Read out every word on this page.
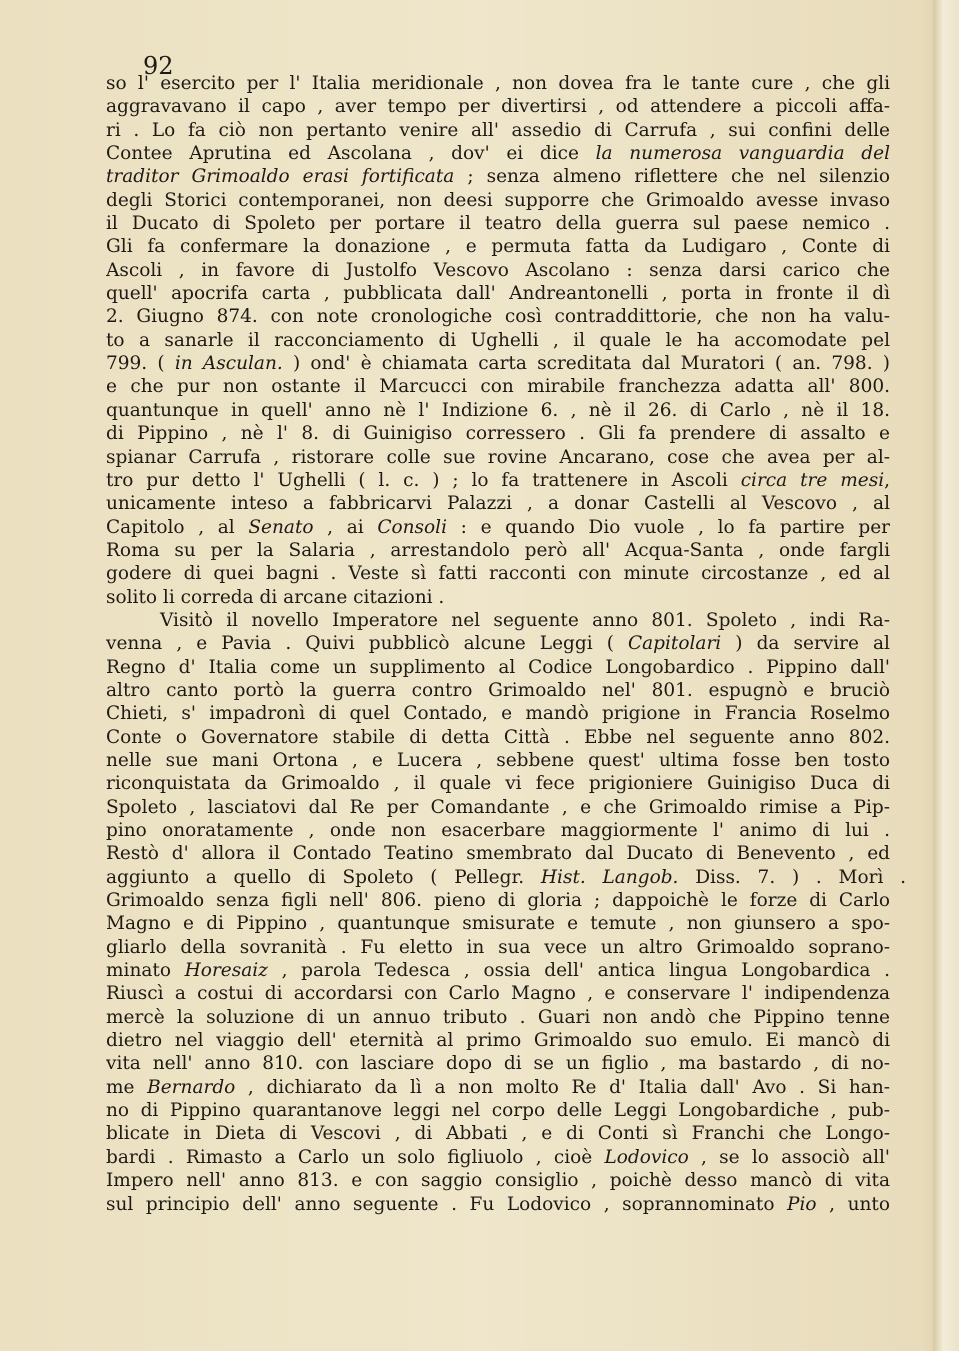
92
so l' esercito per l' Italia meridionale , non dovea fra le tante cure , che gli
aggravavano il capo , aver tempo per divertirsi , od attendere a piccoli affa-
ri . Lo fa ciò non pertanto venire all' assedio di Carrufa , sui confini delle
Contee Aprutina ed Ascolana , dov' ei dice la numerosa vanguardia del
traditor Grimoaldo erasi fortificata ; senza almeno riflettere che nel silenzio
degli Storici contemporanei, non deesi supporre che Grimoaldo avesse invaso
il Ducato di Spoleto per portare il teatro della guerra sul paese nemico .
Gli fa confermare la donazione , e permuta fatta da Ludigaro , Conte di
Ascoli , in favore di Justolfo Vescovo Ascolano : senza darsi carico che
quell' apocrifa carta , pubblicata dall' Andreantonelli , porta in fronte il dì
2. Giugno 874. con note cronologiche così contraddittorie, che non ha valu-
to a sanarle il racconciamento di Ughelli , il quale le ha accomodate pel
799. ( in Asculan. ) ond' è chiamata carta screditata dal Muratori ( an. 798. )
e che pur non ostante il Marcucci con mirabile franchezza adatta all' 800.
quantunque in quell' anno nè l' Indizione 6. , nè il 26. di Carlo , nè il 18.
di Pippino , nè l' 8. di Guinigiso corressero . Gli fa prendere di assalto e
spianar Carrufa , ristorare colle sue rovine Ancarano, cose che avea per al-
tro pur detto l' Ughelli ( l. c. ) ; lo fa trattenere in Ascoli circa tre mesi,
unicamente inteso a fabbricarvi Palazzi , a donar Castelli al Vescovo , al
Capitolo , al Senato , ai Consoli : e quando Dio vuole , lo fa partire per
Roma su per la Salaria , arrestandolo però all' Acqua-Santa , onde fargli
godere di quei bagni . Veste sì fatti racconti con minute circostanze , ed al
solito li correda di arcane citazioni .
Visitò il novello Imperatore nel seguente anno 801. Spoleto , indi Ra-
venna , e Pavia . Quivi pubblicò alcune Leggi ( Capitolari ) da servire al
Regno d' Italia come un supplimento al Codice Longobardico . Pippino dall'
altro canto portò la guerra contro Grimoaldo nel' 801. espugnò e bruciò
Chieti, s' impadronì di quel Contado, e mandò prigione in Francia Roselmo
Conte o Governatore stabile di detta Città . Ebbe nel seguente anno 802.
nelle sue mani Ortona , e Lucera , sebbene quest' ultima fosse ben tosto
riconquistata da Grimoaldo , il quale vi fece prigioniere Guinigiso Duca di
Spoleto , lasciatovi dal Re per Comandante , e che Grimoaldo rimise a Pip-
pino onoratamente , onde non esacerbare maggiormente l' animo di lui .
Restò d' allora il Contado Teatino smembrato dal Ducato di Benevento , ed
aggiunto a quello di Spoleto ( Pellegr. Hist. Langob. Diss. 7. ) . Morì .
Grimoaldo senza figli nell' 806. pieno di gloria ; dappoichè le forze di Carlo
Magno e di Pippino , quantunque smisurate e temute , non giunsero a spo-
gliarlo della sovranità . Fu eletto in sua vece un altro Grimoaldo soprano-
minato Horesaiz , parola Tedesca , ossia dell' antica lingua Longobardica .
Riuscì a costui di accordarsi con Carlo Magno , e conservare l' indipendenza
mercè la soluzione di un annuo tributo . Guari non andò che Pippino tenne
dietro nel viaggio dell' eternità al primo Grimoaldo suo emulo. Ei mancò di
vita nell' anno 810. con lasciare dopo di se un figlio , ma bastardo , di no-
me Bernardo , dichiarato da lì a non molto Re d' Italia dall' Avo . Si han-
no di Pippino quarantanove leggi nel corpo delle Leggi Longobardiche , pub-
blicate in Dieta di Vescovi , di Abbati , e di Conti sì Franchi che Longo-
bardi . Rimasto a Carlo un solo figliuolo , cioè Lodovico , se lo associò all'
Impero nell' anno 813. e con saggio consiglio , poichè desso mancò di vita
sul principio dell' anno seguente . Fu Lodovico , soprannominato Pio , unto
